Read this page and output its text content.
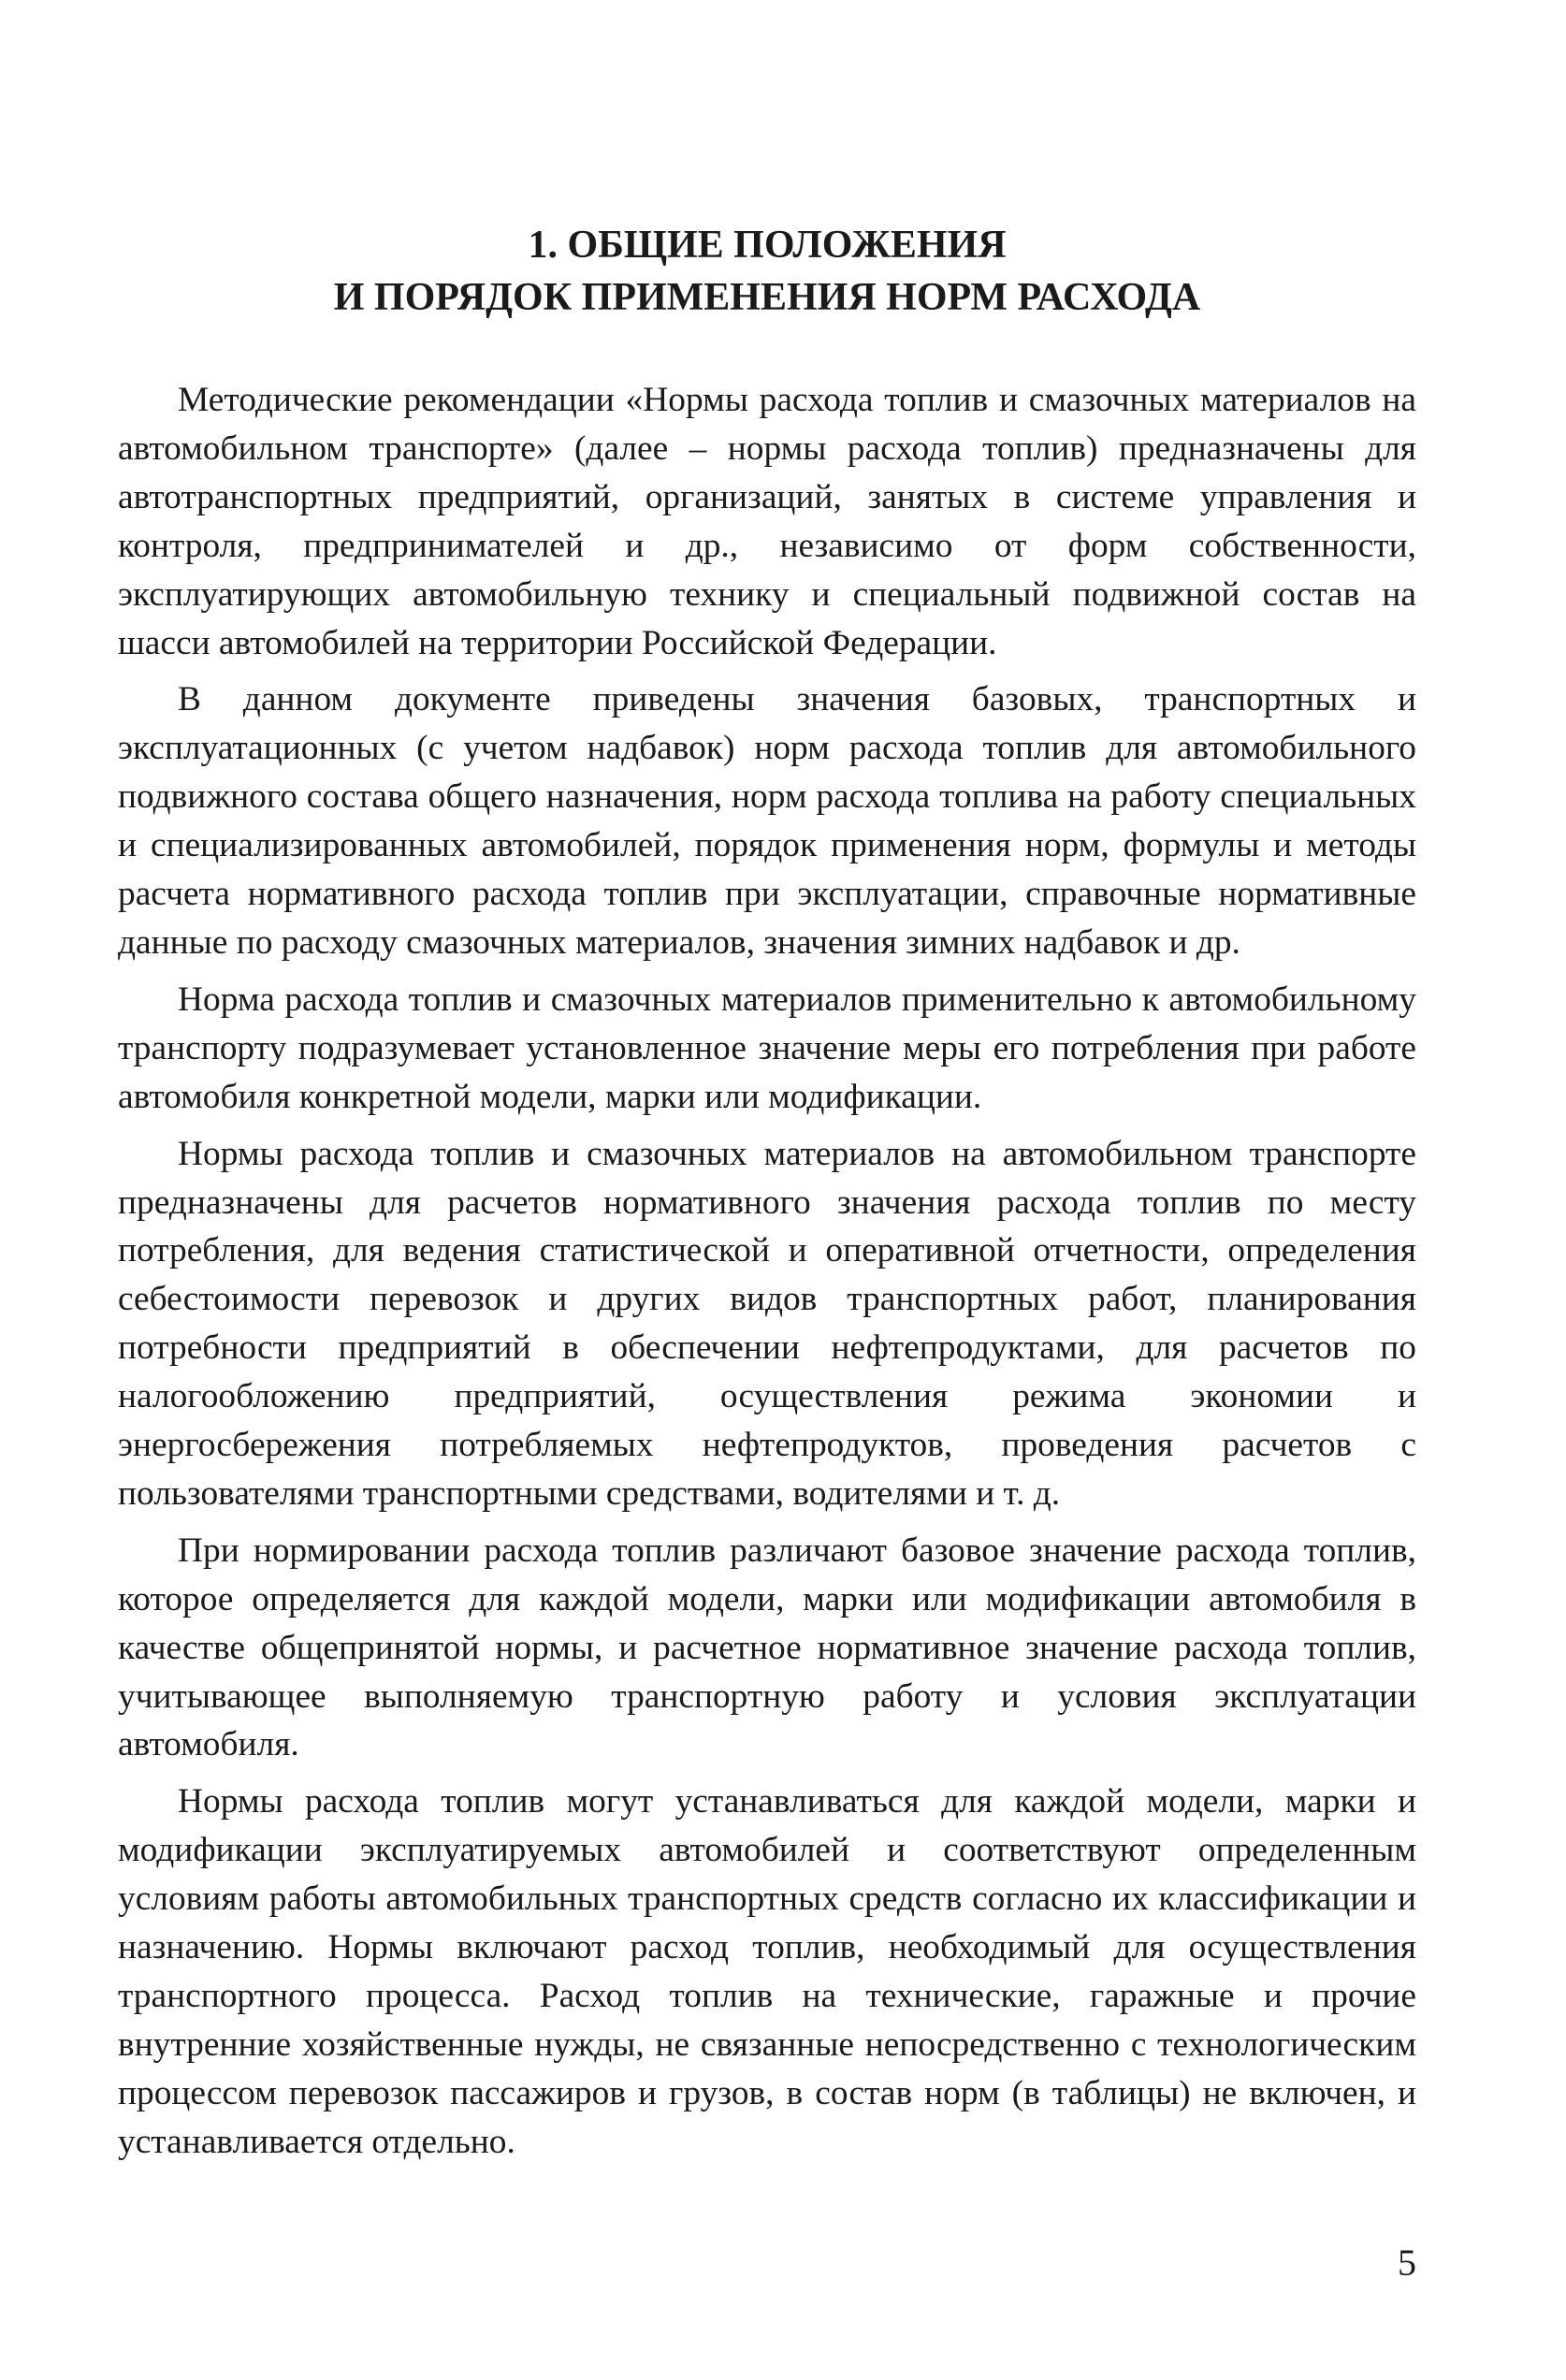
1. ОБЩИЕ ПОЛОЖЕНИЯ
И ПОРЯДОК ПРИМЕНЕНИЯ НОРМ РАСХОДА

Методические рекомендации «Нормы расхода топлив и смазочных материалов на автомобильном транспорте» (далее – нормы расхода топлив) предназначены для автотранспортных предприятий, организаций, занятых в системе управления и контроля, предпринимателей и др., независимо от форм собственности, эксплуатирующих автомобильную технику и специальный подвижной состав на шасси автомобилей на территории Российской Федерации.

В данном документе приведены значения базовых, транспортных и эксплуатационных (с учетом надбавок) норм расхода топлив для автомобильного подвижного состава общего назначения, норм расхода топлива на работу специальных и специализированных автомобилей, порядок применения норм, формулы и методы расчета нормативного расхода топлив при эксплуатации, справочные нормативные данные по расходу смазочных материалов, значения зимних надбавок и др.

Норма расхода топлив и смазочных материалов применительно к автомобильному транспорту подразумевает установленное значение меры его потребления при работе автомобиля конкретной модели, марки или модификации.

Нормы расхода топлив и смазочных материалов на автомобильном транспорте предназначены для расчетов нормативного значения расхода топлив по месту потребления, для ведения статистической и оперативной отчетности, определения себестоимости перевозок и других видов транспортных работ, планирования потребности предприятий в обеспечении нефтепродуктами, для расчетов по налогообложению предприятий, осуществления режима экономии и энергосбережения потребляемых нефтепродуктов, проведения расчетов с пользователями транспортными средствами, водителями и т. д.

При нормировании расхода топлив различают базовое значение расхода топлив, которое определяется для каждой модели, марки или модификации автомобиля в качестве общепринятой нормы, и расчетное нормативное значение расхода топлив, учитывающее выполняемую транспортную работу и условия эксплуатации автомобиля.

Нормы расхода топлив могут устанавливаться для каждой модели, марки и модификации эксплуатируемых автомобилей и соответствуют определенным условиям работы автомобильных транспортных средств согласно их классификации и назначению. Нормы включают расход топлив, необходимый для осуществления транспортного процесса. Расход топлив на технические, гаражные и прочие внутренние хозяйственные нужды, не связанные непосредственно с технологическим процессом перевозок пассажиров и грузов, в состав норм (в таблицы) не включен, и устанавливается отдельно.

5
